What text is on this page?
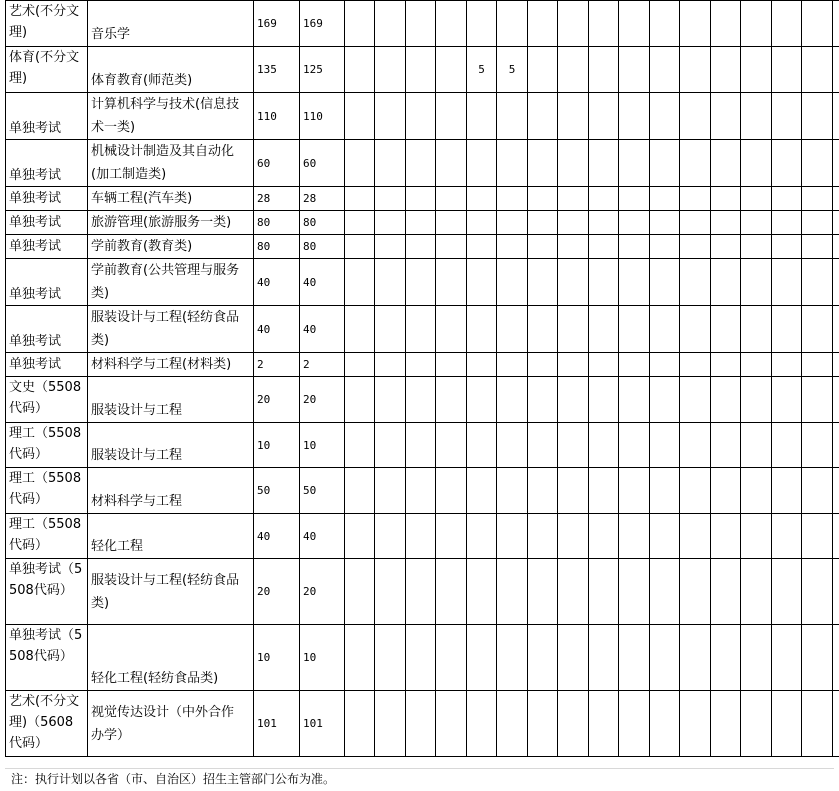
艺术(不分文理)	音乐学	169	169																	

体育(不分文理)	体育教育(师范类)	135	125					5	5											

单独考试	计算机科学与技术(信息技术一类)	110	110																	

单独考试	机械设计制造及其自动化(加工制造类)	60	60																	

单独考试	车辆工程(汽车类)	28	28																	

单独考试	旅游管理(旅游服务一类)	80	80																	

单独考试	学前教育(教育类)	80	80																	

单独考试	学前教育(公共管理与服务类)	40	40																	

单独考试	服装设计与工程(轻纺食品类)	40	40																	

单独考试	材料科学与工程(材料类)	2	2																	

文史（5508代码）	服装设计与工程	20	20																	

理工（5508代码）	服装设计与工程	10	10																	

理工（5508代码）	材料科学与工程	50	50																	

理工（5508代码）	轻化工程	40	40																	

单独考试（5508代码）	服装设计与工程(轻纺食品类)	20	20																	

单独考试（5508代码）	轻化工程(轻纺食品类)	10	10																	

艺术(不分文理)（5608代码）	视觉传达设计（中外合作办学）	101	101																	
注：执行计划以各省（市、自治区）招生主管部门公布为准。
